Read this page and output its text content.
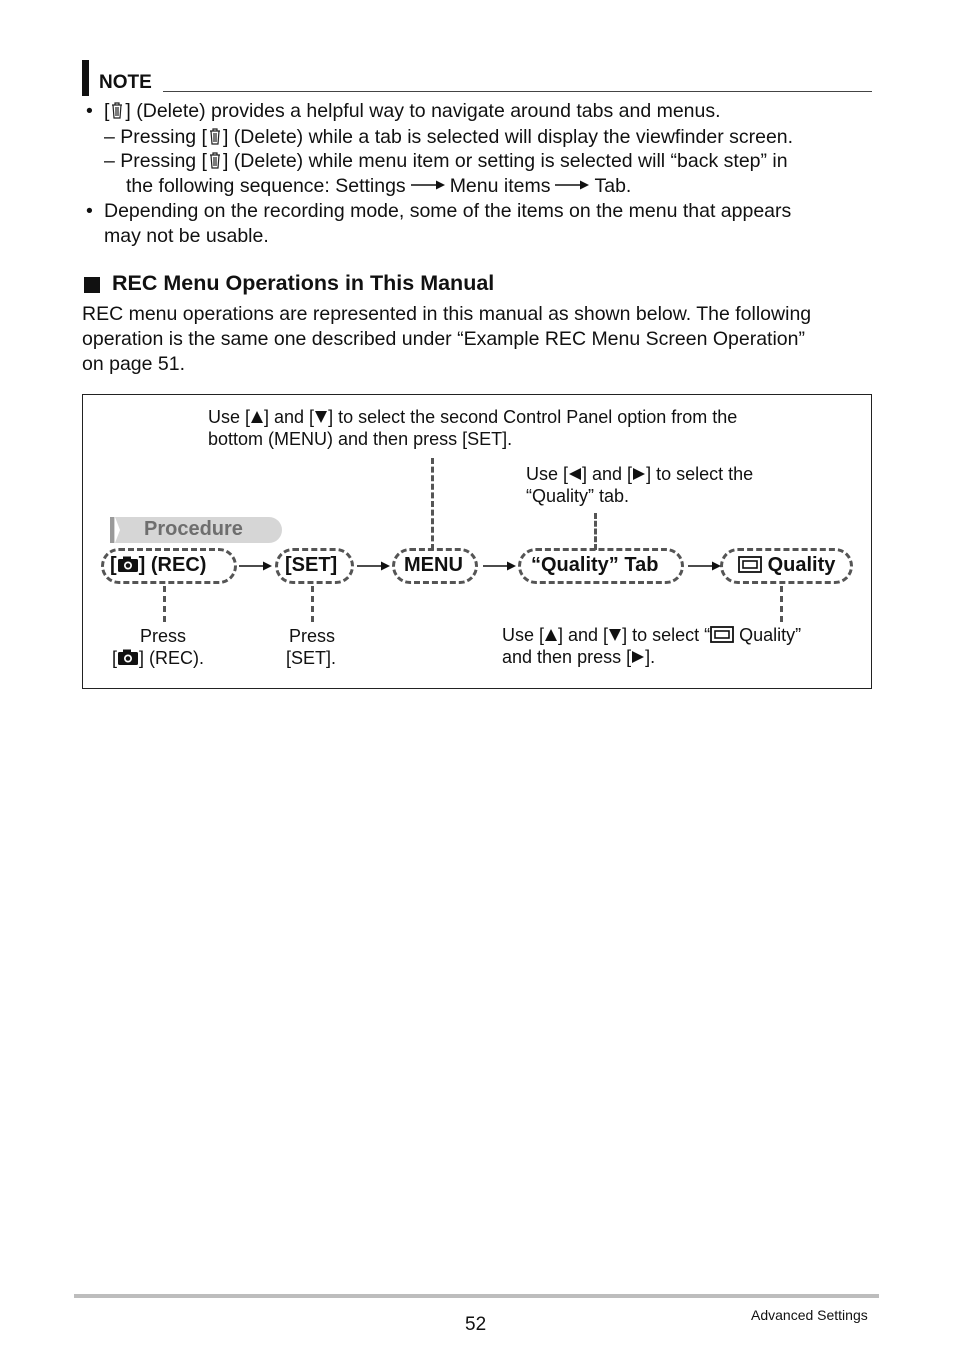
NOTE
• [ ] (Delete) provides a helpful way to navigate around tabs and menus.
– Pressing [ ] (Delete) while a tab is selected will display the viewfinder screen.
– Pressing [ ] (Delete) while menu item or setting is selected will “back step” in
the following sequence: Settings Menu items Tab.
• Depending on the recording mode, some of the items on the menu that appears
may not be usable.
REC Menu Operations in This Manual
REC menu operations are represented in this manual as shown below. The following
operation is the same one described under “Example REC Menu Screen Operation”
on page 51.
Use [ ] and [ ] to select the second Control Panel option from the
bottom (MENU) and then press [SET].
Use [ ] and [ ] to select the
“Quality” tab.
Procedure
[ ] (REC)	[SET]	MENU	“Quality” Tab	Quality
Press
[ ] (REC).
Press
[SET].
Use [ ] and [ ] to select “ Quality”
and then press [ ].
52	Advanced Settings
